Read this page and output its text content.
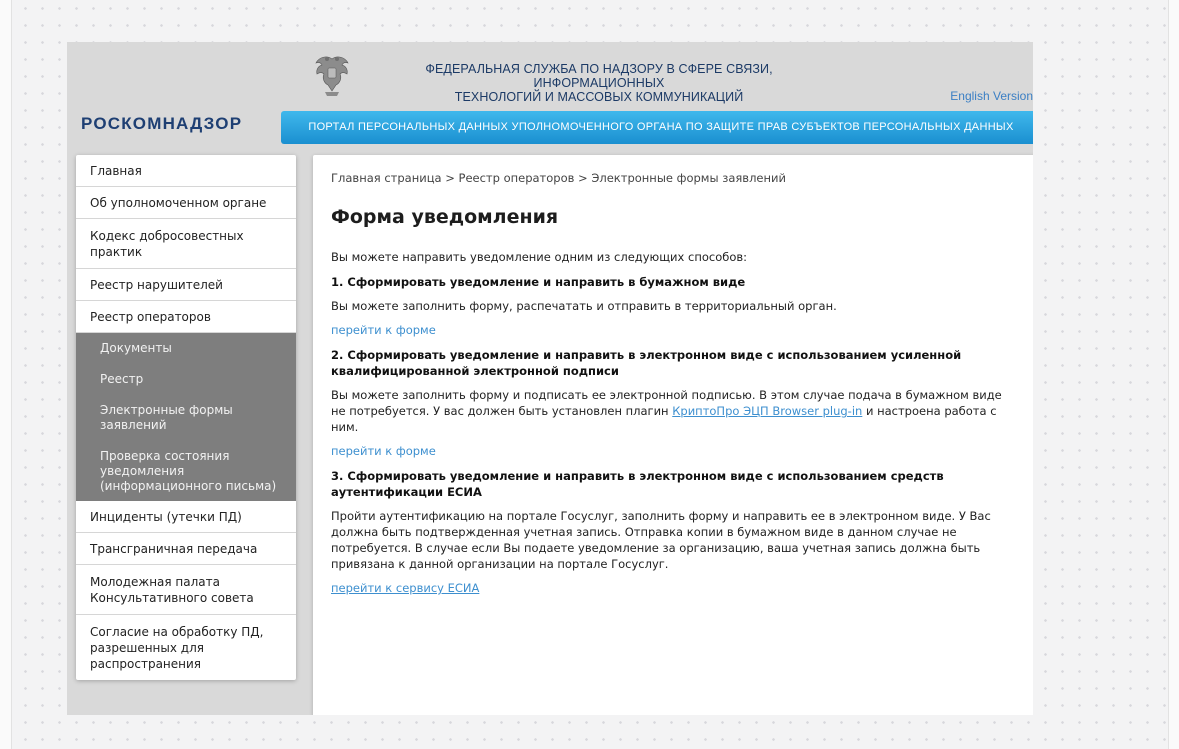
ФЕДЕРАЛЬНАЯ СЛУЖБА ПО НАДЗОРУ В СФЕРЕ СВЯЗИ, ИНФОРМАЦИОННЫХ
ТЕХНОЛОГИЙ И МАССОВЫХ КОММУНИКАЦИЙ	English Version
РОСКОМНАДЗОР	ПОРТАЛ ПЕРСОНАЛЬНЫХ ДАННЫХ УПОЛНОМОЧЕННОГО ОРГАНА ПО ЗАЩИТЕ ПРАВ СУБЪЕКТОВ ПЕРСОНАЛЬНЫХ ДАННЫХ
Главная
Об уполномоченном органе
Кодекс добросовестных практик
Реестр нарушителей
Реестр операторов
Документы
Реестр
Электронные формы заявлений
Проверка состояния уведомления (информационного письма)
Инциденты (утечки ПД)
Трансграничная передача
Молодежная палата Консультативного совета
Согласие на обработку ПД, разрешенных для распространения
Главная страница > Реестр операторов > Электронные формы заявлений
Форма уведомления
Вы можете направить уведомление одним из следующих способов:
1. Сформировать уведомление и направить в бумажном виде
Вы можете заполнить форму, распечатать и отправить в территориальный орган.
перейти к форме
2. Сформировать уведомление и направить в электронном виде с использованием усиленной квалифицированной электронной подписи
Вы можете заполнить форму и подписать ее электронной подписью. В этом случае подача в бумажном виде не потребуется. У вас должен быть установлен плагин КриптоПро ЭЦП Browser plug-in и настроена работа с ним.
перейти к форме
3. Сформировать уведомление и направить в электронном виде с использованием средств аутентификации ЕСИА
Пройти аутентификацию на портале Госуслуг, заполнить форму и направить ее в электронном виде. У Вас должна быть подтвержденная учетная запись. Отправка копии в бумажном виде в данном случае не потребуется. В случае если Вы подаете уведомление за организацию, ваша учетная запись должна быть привязана к данной организации на портале Госуслуг.
перейти к сервису ЕСИА
